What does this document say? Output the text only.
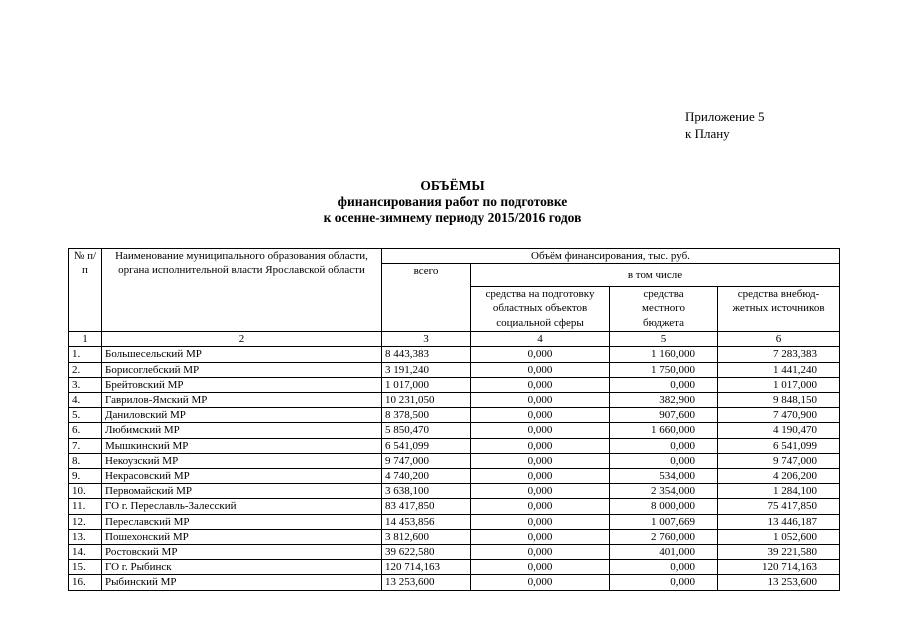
Приложение 5
к Плану
ОБЪЁМЫ
финансирования работ по подготовке
к осенне-зимнему периоду 2015/2016 годов
№ п/п	Наименование муниципального образования области, органа исполнительной власти Ярославской области	Объём финансирования, тыс. руб.			
		всего	в том числе		
			средства на подготовку областных объектов социальной сферы	средства местного бюджета	средства внебюд-жетных источников
1	2	3	4	5	6
1.	Большесельский МР	8 443,383	0,000	1 160,000	7 283,383
2.	Борисоглебский МР	3 191,240	0,000	1 750,000	1 441,240
3.	Брейтовский МР	1 017,000	0,000	0,000	1 017,000
4.	Гаврилов-Ямский МР	10 231,050	0,000	382,900	9 848,150
5.	Даниловский МР	8 378,500	0,000	907,600	7 470,900
6.	Любимский МР	5 850,470	0,000	1 660,000	4 190,470
7.	Мышкинский МР	6 541,099	0,000	0,000	6 541,099
8.	Некоузский МР	9 747,000	0,000	0,000	9 747,000
9.	Некрасовский МР	4 740,200	0,000	534,000	4 206,200
10.	Первомайский МР	3 638,100	0,000	2 354,000	1 284,100
11.	ГО г. Переславль-Залесский	83 417,850	0,000	8 000,000	75 417,850
12.	Переславский МР	14 453,856	0,000	1 007,669	13 446,187
13.	Пошехонский МР	3 812,600	0,000	2 760,000	1 052,600
14.	Ростовский МР	39 622,580	0,000	401,000	39 221,580
15.	ГО г. Рыбинск	120 714,163	0,000	0,000	120 714,163
16.	Рыбинский МР	13 253,600	0,000	0,000	13 253,600
